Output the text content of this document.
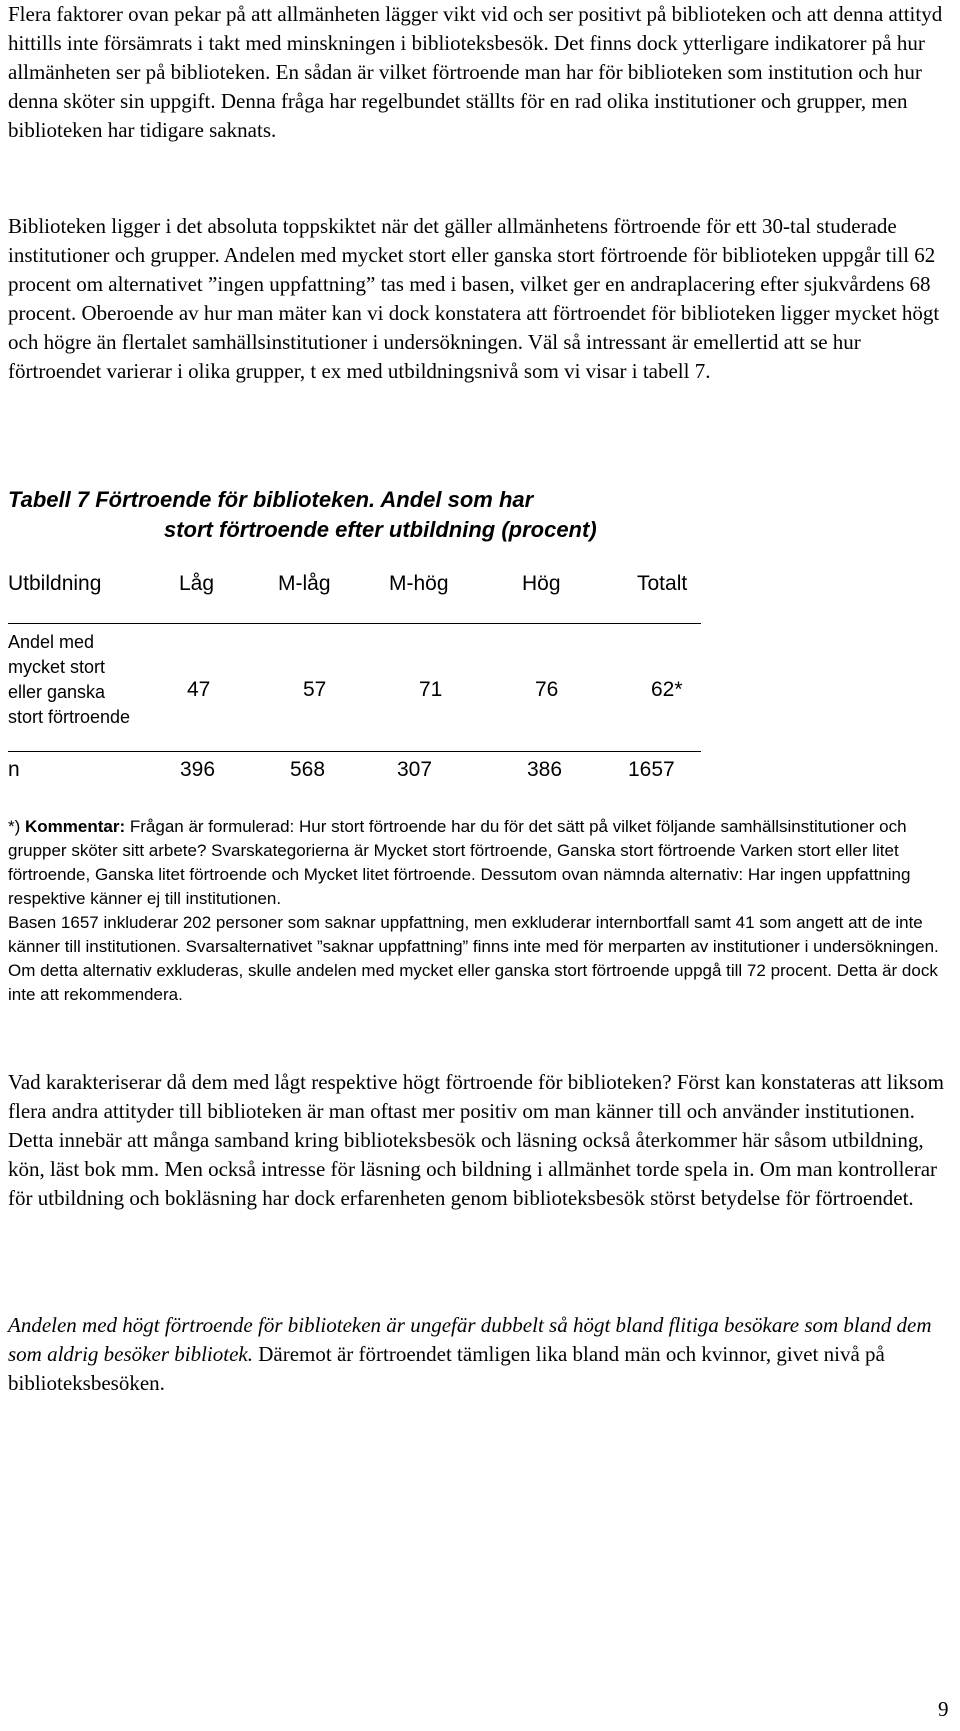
Flera faktorer ovan pekar på att allmänheten lägger vikt vid och ser positivt på biblioteken och att denna attityd hittills inte försämrats i takt med minskningen i biblioteksbesök. Det finns dock ytterligare indikatorer på hur allmänheten ser på biblioteken. En sådan är vilket förtroende man har för biblioteken som institution och hur denna sköter sin uppgift. Denna fråga har regelbundet ställts för en rad olika institutioner och grupper, men biblioteken har tidigare saknats.

Biblioteken ligger i det absoluta toppskiktet när det gäller allmänhetens förtroende för ett 30-tal studerade institutioner och grupper. Andelen med mycket stort eller ganska stort förtroende för biblioteken uppgår till 62 procent om alternativet ”ingen uppfattning” tas med i basen, vilket ger en andraplacering efter sjukvårdens 68 procent. Oberoende av hur man mäter kan vi dock konstatera att förtroendet för biblioteken ligger mycket högt och högre än flertalet samhällsinstitutioner i undersökningen. Väl så intressant är emellertid att se hur förtroendet varierar i olika grupper, t ex med utbildningsnivå som vi visar i tabell 7.

Tabell 7 Förtroende för biblioteken. Andel som har
stort förtroende efter utbildning (procent)
Utbildning	Låg	M-låg	M-hög	Hög	Totalt
Andel med
mycket stort
eller ganska
stort förtroende
47	57	71	76	62*
n	396	568	307	386	1657

*) Kommentar: Frågan är formulerad: Hur stort förtroende har du för det sätt på vilket följande samhällsinstitutioner och grupper sköter sitt arbete? Svarskategorierna är Mycket stort förtroende, Ganska stort förtroende Varken stort eller litet förtroende, Ganska litet förtroende och Mycket litet förtroende. Dessutom ovan nämnda alternativ: Har ingen uppfattning respektive känner ej till institutionen.

Basen 1657 inkluderar 202 personer som saknar uppfattning, men exkluderar internbortfall samt 41 som angett att de inte känner till institutionen. Svarsalternativet ”saknar uppfattning” finns inte med för merparten av institutioner i undersökningen. Om detta alternativ exkluderas, skulle andelen med mycket eller ganska stort förtroende uppgå till 72 procent. Detta är dock inte att rekommendera.

Vad karakteriserar då dem med lågt respektive högt förtroende för biblioteken? Först kan konstateras att liksom flera andra attityder till biblioteken är man oftast mer positiv om man känner till och använder institutionen. Detta innebär att många samband kring biblioteksbesök och läsning också återkommer här såsom utbildning, kön, läst bok mm. Men också intresse för läsning och bildning i allmänhet torde spela in. Om man kontrollerar för utbildning och bokläsning har dock erfarenheten genom biblioteksbesök störst betydelse för förtroendet.

Andelen med högt förtroende för biblioteken är ungefär dubbelt så högt bland flitiga besökare som bland dem som aldrig besöker bibliotek. Däremot är förtroendet tämligen lika bland män och kvinnor, givet nivå på biblioteksbesöken.

9
